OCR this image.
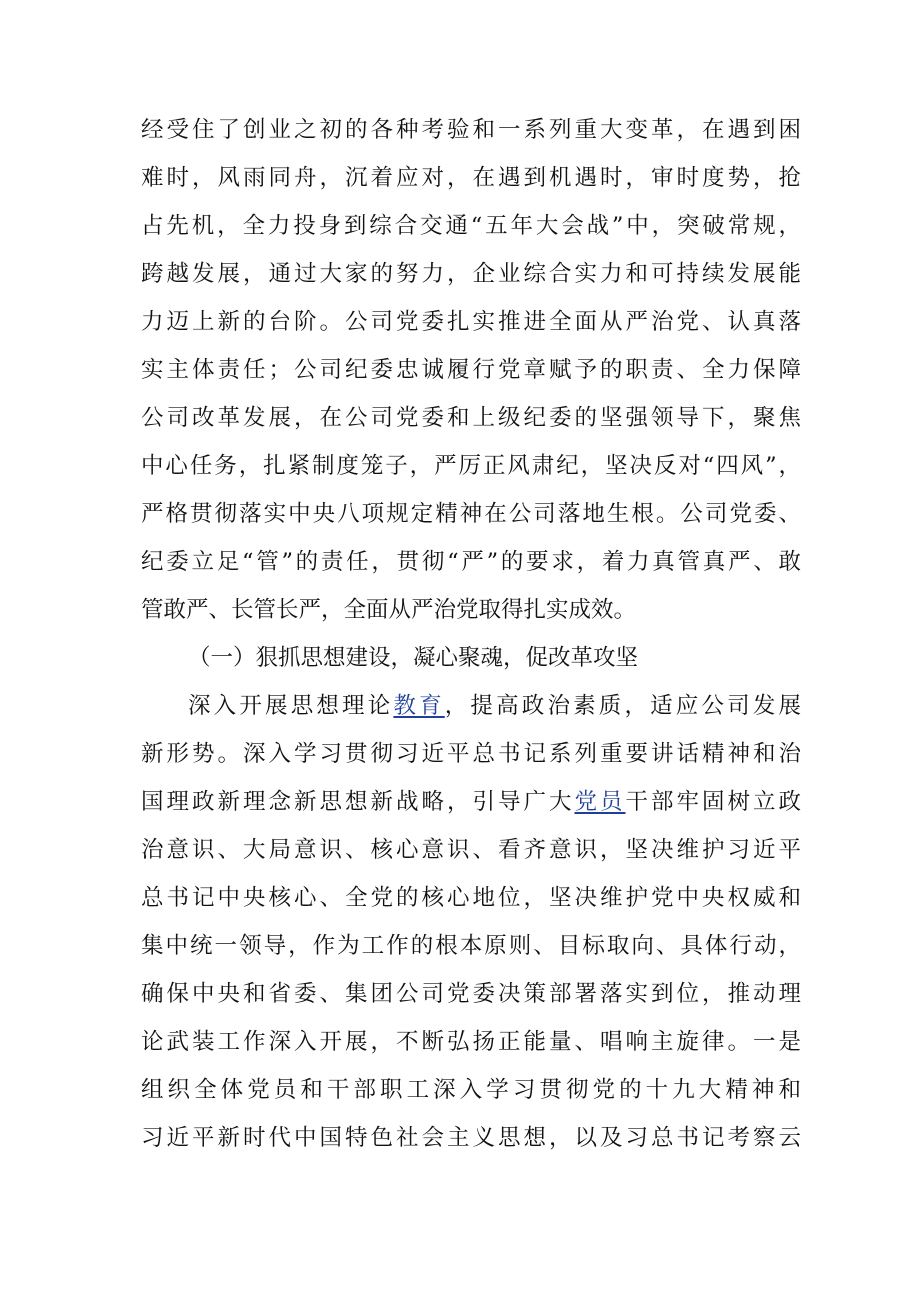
经受住了创业之初的各种考验和一系列重大变革，在遇到困
难时，风雨同舟，沉着应对，在遇到机遇时，审时度势，抢
占先机，全力投身到综合交通“五年大会战”中，突破常规，
跨越发展，通过大家的努力，企业综合实力和可持续发展能
力迈上新的台阶。公司党委扎实推进全面从严治党、认真落
实主体责任；公司纪委忠诚履行党章赋予的职责、全力保障
公司改革发展，在公司党委和上级纪委的坚强领导下，聚焦
中心任务，扎紧制度笼子，严厉正风肃纪，坚决反对“四风”，
严格贯彻落实中央八项规定精神在公司落地生根。公司党委、
纪委立足“管”的责任，贯彻“严”的要求，着力真管真严、敢
管敢严、长管长严，全面从严治党取得扎实成效。
（一）狠抓思想建设，凝心聚魂，促改革攻坚
深入开展思想理论教育，提高政治素质，适应公司发展
新形势。深入学习贯彻习近平总书记系列重要讲话精神和治
国理政新理念新思想新战略，引导广大党员干部牢固树立政
治意识、大局意识、核心意识、看齐意识，坚决维护习近平
总书记中央核心、全党的核心地位，坚决维护党中央权威和
集中统一领导，作为工作的根本原则、目标取向、具体行动，
确保中央和省委、集团公司党委决策部署落实到位，推动理
论武装工作深入开展，不断弘扬正能量、唱响主旋律。一是
组织全体党员和干部职工深入学习贯彻党的十九大精神和
习近平新时代中国特色社会主义思想，以及习总书记考察云
